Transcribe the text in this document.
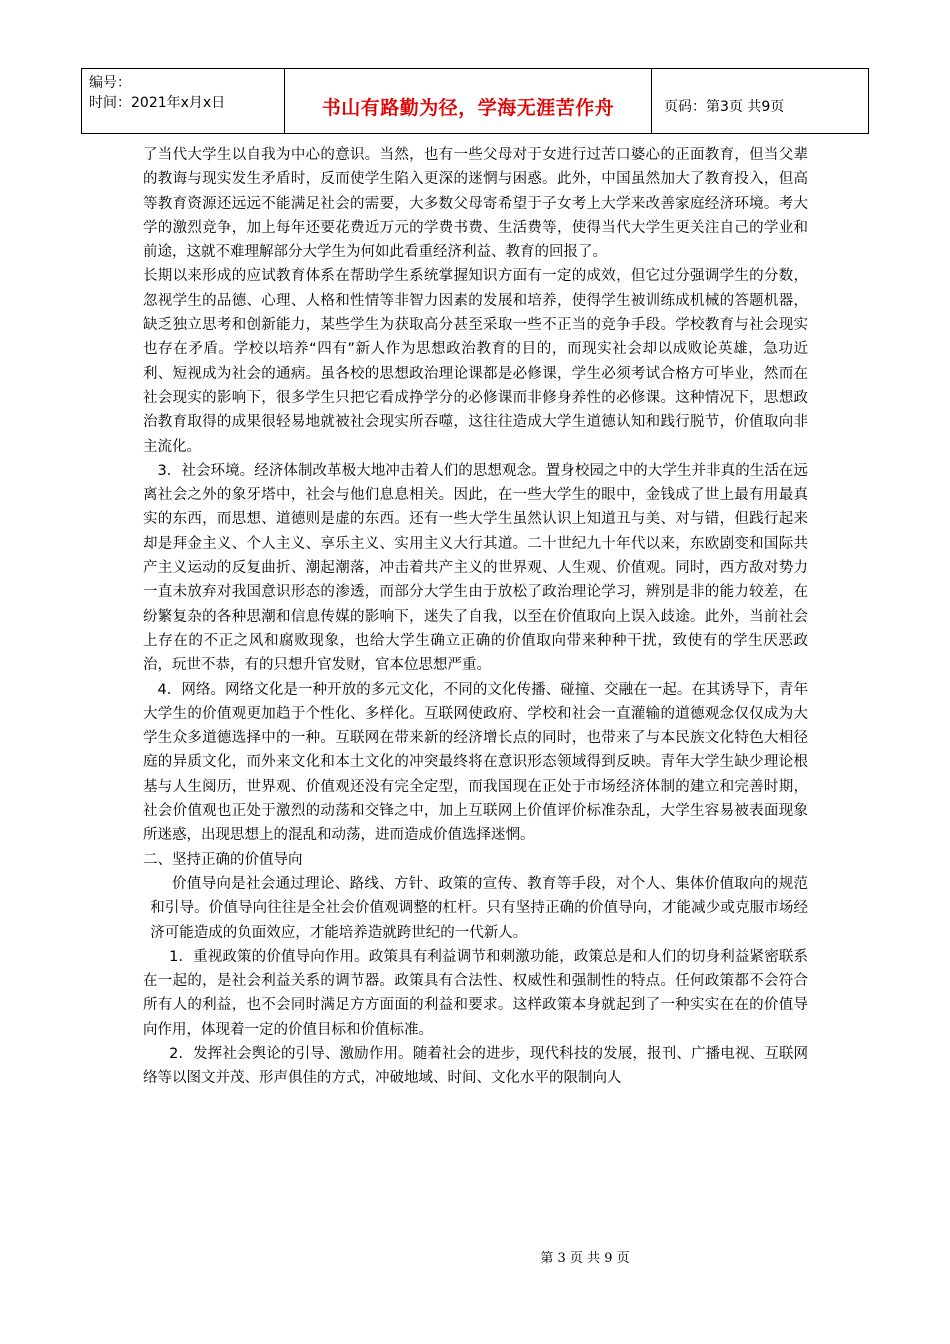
编号：
时间：2021年x月x日	书山有路勤为径，学海无涯苦作舟	页码：第3页 共9页

了当代大学生以自我为中心的意识。当然，也有一些父母对于女进行过苦口婆心的正面教育，但当父辈的教诲与现实发生矛盾时，反而使学生陷入更深的迷惘与困惑。此外，中国虽然加大了教育投入，但高等教育资源还远远不能满足社会的需要，大多数父母寄希望于子女考上大学来改善家庭经济环境。考大学的激烈竞争，加上每年还要花费近万元的学费书费、生活费等，使得当代大学生更关注自己的学业和前途，这就不难理解部分大学生为何如此看重经济利益、教育的回报了。

长期以来形成的应试教育体系在帮助学生系统掌握知识方面有一定的成效，但它过分强调学生的分数，忽视学生的品德、心理、人格和性情等非智力因素的发展和培养，使得学生被训练成机械的答题机器，缺乏独立思考和创新能力，某些学生为获取高分甚至采取一些不正当的竞争手段。学校教育与社会现实也存在矛盾。学校以培养“四有”新人作为思想政治教育的目的，而现实社会却以成败论英雄，急功近利、短视成为社会的通病。虽各校的思想政治理论课都是必修课，学生必须考试合格方可毕业，然而在社会现实的影响下，很多学生只把它看成挣学分的必修课而非修身养性的必修课。这种情况下，思想政治教育取得的成果很轻易地就被社会现实所吞噬，这往往造成大学生道德认知和践行脱节，价值取向非主流化。

3．社会环境。经济体制改革极大地冲击着人们的思想观念。置身校园之中的大学生并非真的生活在远离社会之外的象牙塔中，社会与他们息息相关。因此，在一些大学生的眼中，金钱成了世上最有用最真实的东西，而思想、道德则是虚的东西。还有一些大学生虽然认识上知道丑与美、对与错，但践行起来却是拜金主义、个人主义、享乐主义、实用主义大行其道。二十世纪九十年代以来，东欧剧变和国际共产主义运动的反复曲折、潮起潮落，冲击着共产主义的世界观、人生观、价值观。同时，西方敌对势力一直未放弃对我国意识形态的渗透，而部分大学生由于放松了政治理论学习，辨别是非的能力较差，在纷繁复杂的各种思潮和信息传媒的影响下，迷失了自我，以至在价值取向上误入歧途。此外，当前社会上存在的不正之风和腐败现象，也给大学生确立正确的价值取向带来种种干扰，致使有的学生厌恶政治，玩世不恭，有的只想升官发财，官本位思想严重。

4．网络。网络文化是一种开放的多元文化，不同的文化传播、碰撞、交融在一起。在其诱导下，青年大学生的价值观更加趋于个性化、多样化。互联网使政府、学校和社会一直灌输的道德观念仅仅成为大学生众多道德选择中的一种。互联网在带来新的经济增长点的同时，也带来了与本民族文化特色大相径庭的异质文化，而外来文化和本土文化的冲突最终将在意识形态领域得到反映。青年大学生缺少理论根基与人生阅历，世界观、价值观还没有完全定型，而我国现在正处于市场经济体制的建立和完善时期，社会价值观也正处于激烈的动荡和交锋之中，加上互联网上价值评价标准杂乱，大学生容易被表面现象所迷惑，出现思想上的混乱和动荡，进而造成价值选择迷惘。

二、坚持正确的价值导向

价值导向是社会通过理论、路线、方针、政策的宣传、教育等手段，对个人、集体价值取向的规范和引导。价值导向往往是全社会价值观调整的杠杆。只有坚持正确的价值导向，才能减少或克服市场经济可能造成的负面效应，才能培养造就跨世纪的一代新人。

1．重视政策的价值导向作用。政策具有利益调节和刺激功能，政策总是和人们的切身利益紧密联系在一起的，是社会利益关系的调节器。政策具有合法性、权威性和强制性的特点。任何政策都不会符合所有人的利益，也不会同时满足方方面面的利益和要求。这样政策本身就起到了一种实实在在的价值导向作用，体现着一定的价值目标和价值标准。

2．发挥社会舆论的引导、激励作用。随着社会的进步，现代科技的发展，报刊、广播电视、互联网络等以图文并茂、形声俱佳的方式，冲破地域、时间、文化水平的限制向人

第 3 页 共 9 页
